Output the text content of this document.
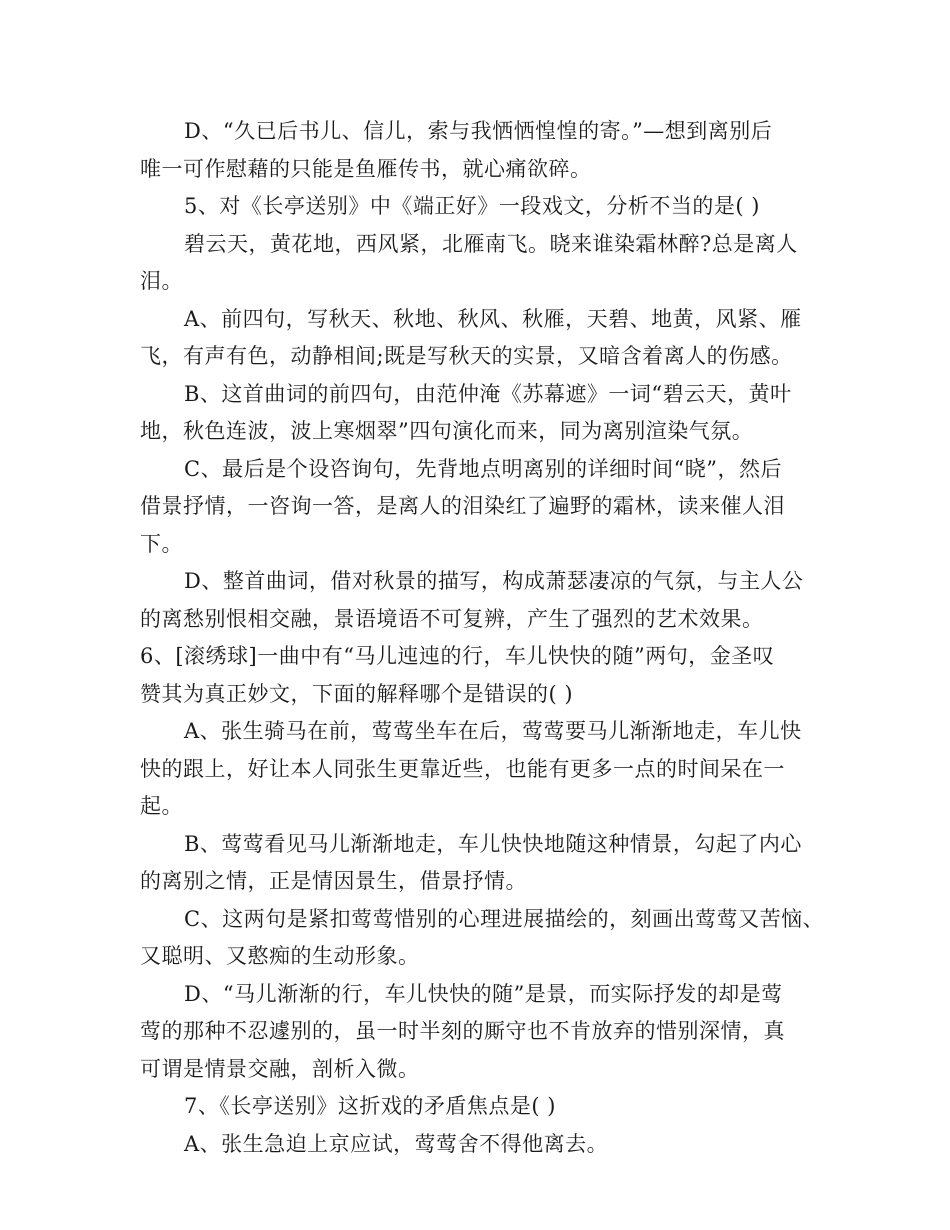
D、“久已后书儿、信儿，索与我恓恓惶惶的寄。”—想到离别后
唯一可作慰藉的只能是鱼雁传书，就心痛欲碎。
5、对《长亭送别》中《端正好》一段戏文，分析不当的是( )
碧云天，黄花地，西风紧，北雁南飞。晓来谁染霜林醉?总是离人
泪。
A、前四句，写秋天、秋地、秋风、秋雁，天碧、地黄，风紧、雁
飞，有声有色，动静相间;既是写秋天的实景，又暗含着离人的伤感。
B、这首曲词的前四句，由范仲淹《苏幕遮》一词“碧云天，黄叶
地，秋色连波，波上寒烟翠”四句演化而来，同为离别渲染气氛。
C、最后是个设咨询句，先背地点明离别的详细时间“晓”，然后
借景抒情，一咨询一答，是离人的泪染红了遍野的霜林，读来催人泪
下。
D、整首曲词，借对秋景的描写，构成萧瑟凄凉的气氛，与主人公
的离愁别恨相交融，景语境语不可复辨，产生了强烈的艺术效果。
6、[滚绣球]一曲中有“马儿迍迍的行，车儿快快的随”两句，金圣叹
赞其为真正妙文，下面的解释哪个是错误的( )
A、张生骑马在前，莺莺坐车在后，莺莺要马儿渐渐地走，车儿快
快的跟上，好让本人同张生更靠近些，也能有更多一点的时间呆在一
起。
B、莺莺看见马儿渐渐地走，车儿快快地随这种情景，勾起了内心
的离别之情，正是情因景生，借景抒情。
C、这两句是紧扣莺莺惜别的心理进展描绘的，刻画出莺莺又苦恼、
又聪明、又憨痴的生动形象。
D、“马儿渐渐的行，车儿快快的随”是景，而实际抒发的却是莺
莺的那种不忍遽别的，虽一时半刻的厮守也不肯放弃的惜别深情，真
可谓是情景交融，剖析入微。
7、《长亭送别》这折戏的矛盾焦点是( )
A、张生急迫上京应试，莺莺舍不得他离去。
